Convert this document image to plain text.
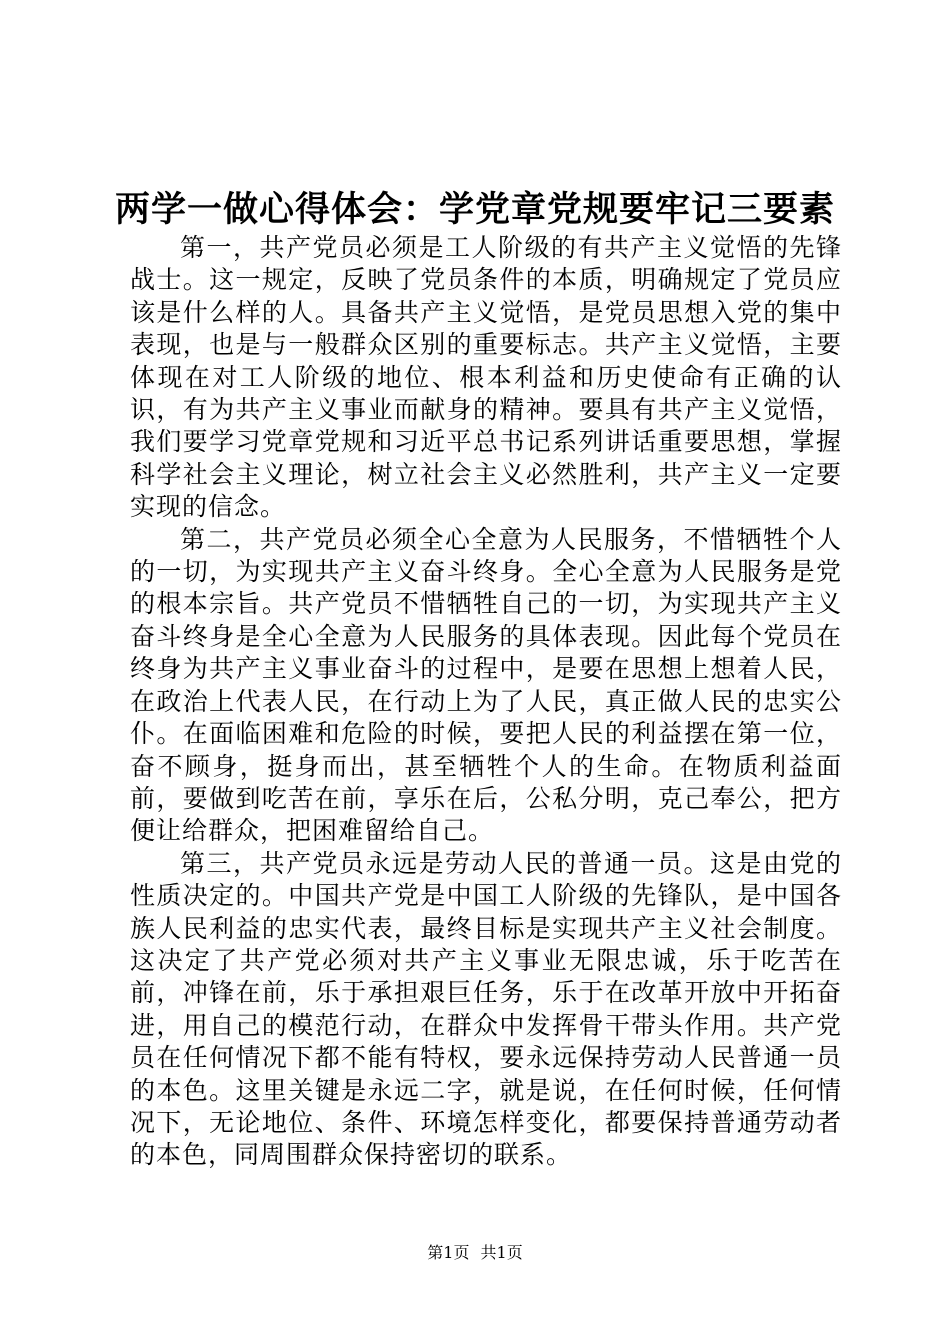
两学一做心得体会：学党章党规要牢记三要素

第一，共产党员必须是工人阶级的有共产主义觉悟的先锋战士。这一规定，反映了党员条件的本质，明确规定了党员应该是什么样的人。具备共产主义觉悟，是党员思想入党的集中表现，也是与一般群众区别的重要标志。共产主义觉悟，主要体现在对工人阶级的地位、根本利益和历史使命有正确的认识，有为共产主义事业而献身的精神。要具有共产主义觉悟，我们要学习党章党规和习近平总书记系列讲话重要思想，掌握科学社会主义理论，树立社会主义必然胜利，共产主义一定要实现的信念。

第二，共产党员必须全心全意为人民服务，不惜牺牲个人的一切，为实现共产主义奋斗终身。全心全意为人民服务是党的根本宗旨。共产党员不惜牺牲自己的一切，为实现共产主义奋斗终身是全心全意为人民服务的具体表现。因此每个党员在终身为共产主义事业奋斗的过程中，是要在思想上想着人民，在政治上代表人民，在行动上为了人民，真正做人民的忠实公仆。在面临困难和危险的时候，要把人民的利益摆在第一位，奋不顾身，挺身而出，甚至牺牲个人的生命。在物质利益面前，要做到吃苦在前，享乐在后，公私分明，克己奉公，把方便让给群众，把困难留给自己。

第三，共产党员永远是劳动人民的普通一员。这是由党的性质决定的。中国共产党是中国工人阶级的先锋队，是中国各族人民利益的忠实代表，最终目标是实现共产主义社会制度。这决定了共产党必须对共产主义事业无限忠诚，乐于吃苦在前，冲锋在前，乐于承担艰巨任务，乐于在改革开放中开拓奋进，用自己的模范行动，在群众中发挥骨干带头作用。共产党员在任何情况下都不能有特权，要永远保持劳动人民普通一员的本色。这里关键是永远二字，就是说，在任何时候，任何情况下，无论地位、条件、环境怎样变化，都要保持普通劳动者的本色，同周围群众保持密切的联系。

第1页 共1页
